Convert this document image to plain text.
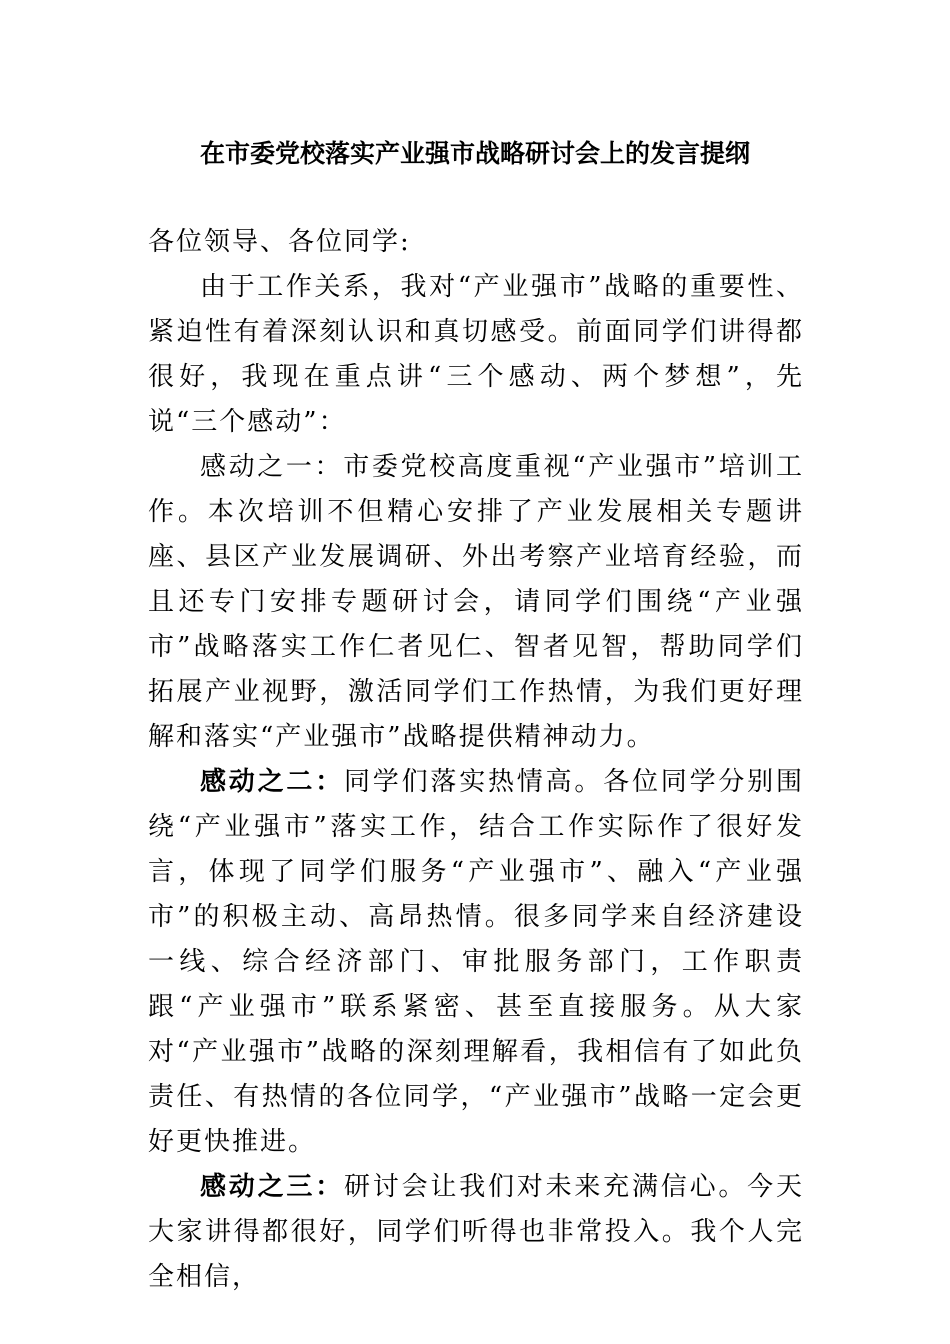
在市委党校落实产业强市战略研讨会上的发言提纲

各位领导、各位同学:

由于工作关系，我对“产业强市”战略的重要性、紧迫性有着深刻认识和真切感受。前面同学们讲得都很好，我现在重点讲“三个感动、两个梦想”，先说“三个感动”：

感动之一：市委党校高度重视“产业强市”培训工作。本次培训不但精心安排了产业发展相关专题讲座、县区产业发展调研、外出考察产业培育经验，而且还专门安排专题研讨会，请同学们围绕“产业强市”战略落实工作仁者见仁、智者见智，帮助同学们拓展产业视野，激活同学们工作热情，为我们更好理解和落实“产业强市”战略提供精神动力。

感动之二：同学们落实热情高。各位同学分别围绕“产业强市”落实工作，结合工作实际作了很好发言，体现了同学们服务“产业强市”、融入“产业强市”的积极主动、高昂热情。很多同学来自经济建设一线、综合经济部门、审批服务部门，工作职责跟“产业强市”联系紧密、甚至直接服务。从大家对“产业强市”战略的深刻理解看，我相信有了如此负责任、有热情的各位同学，“产业强市”战略一定会更好更快推进。

感动之三：研讨会让我们对未来充满信心。今天大家讲得都很好，同学们听得也非常投入。我个人完全相信，
